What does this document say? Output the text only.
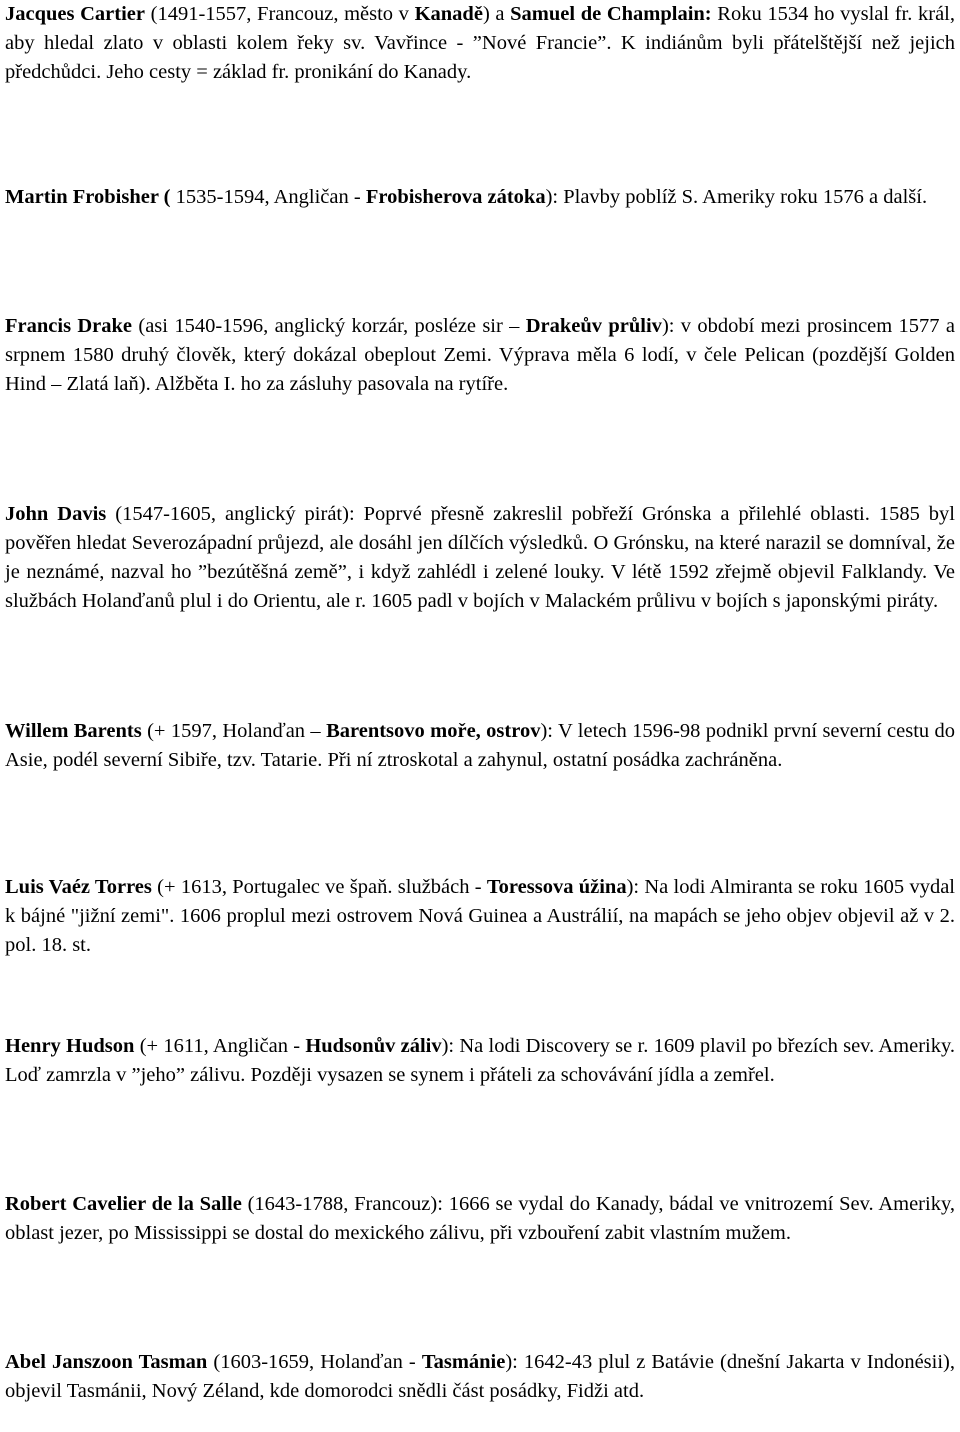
Jacques Cartier (1491-1557, Francouz, město v Kanadě) a Samuel de Champlain: Roku 1534 ho vyslal fr. král, aby hledal zlato v oblasti kolem řeky sv. Vavřince - ”Nové Francie”. K indiánům byli přátelštější než jejich předchůdci. Jeho cesty = základ fr. pronikání do Kanady.

Martin Frobisher ( 1535-1594, Angličan - Frobisherova zátoka): Plavby poblíž S. Ameriky roku 1576 a další.

Francis Drake (asi 1540-1596, anglický korzár, posléze sir – Drakeův průliv): v období mezi prosincem 1577 a srpnem 1580 druhý člověk, který dokázal obeplout Zemi. Výprava měla 6 lodí, v čele Pelican (pozdější Golden Hind – Zlatá laň). Alžběta I. ho za zásluhy pasovala na rytíře.

John Davis (1547-1605, anglický pirát): Poprvé přesně zakreslil pobřeží Grónska a přilehlé oblasti. 1585 byl pověřen hledat Severozápadní průjezd, ale dosáhl jen dílčích výsledků. O Grónsku, na které narazil se domníval, že je neznámé, nazval ho ”bezútěšná země”, i když zahlédl i zelené louky. V létě 1592 zřejmě objevil Falklandy. Ve službách Holanďanů plul i do Orientu, ale r. 1605 padl v bojích v Malackém průlivu v bojích s japonskými piráty.

Willem Barents (+ 1597, Holanďan – Barentsovo moře, ostrov): V letech 1596-98 podnikl první severní cestu do Asie, podél severní Sibiře, tzv. Tatarie. Při ní ztroskotal a zahynul, ostatní posádka zachráněna.

Luis Vaéz Torres (+ 1613, Portugalec ve špaň. službách - Toressova úžina): Na lodi Almiranta se roku 1605 vydal k bájné "jižní zemi". 1606 proplul mezi ostrovem Nová Guinea a Austrálií, na mapách se jeho objev objevil až v 2. pol. 18. st.

Henry Hudson (+ 1611, Angličan - Hudsonův záliv): Na lodi Discovery se r. 1609 plavil po březích sev. Ameriky. Loď zamrzla v ”jeho” zálivu. Později vysazen se synem i přáteli za schovávání jídla a zemřel.

Robert Cavelier de la Salle (1643-1788, Francouz): 1666 se vydal do Kanady, bádal ve vnitrozemí Sev. Ameriky, oblast jezer, po Mississippi se dostal do mexického zálivu, při vzbouření zabit vlastním mužem.

Abel Janszoon Tasman (1603-1659, Holanďan - Tasmánie): 1642-43 plul z Batávie (dnešní Jakarta v Indonésii), objevil Tasmánii, Nový Zéland, kde domorodci snědli část posádky, Fidži atd.
